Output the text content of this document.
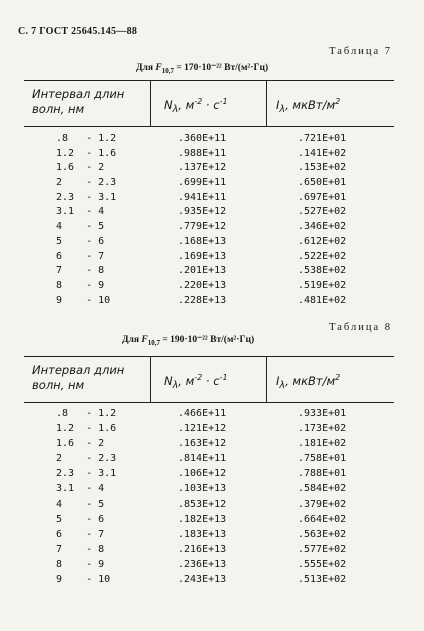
С. 7 ГОСТ 25645.145—88
Таблица 7
Для $F_{10,7} = 170\cdot 10^{-22}$ Вт/(м²·Гц)
Интервал длин волн, нм	$N_\lambda$, $м^{-2} \cdot с^{-1}$	$I_\lambda$, мкВт/$м^2$
.8   - 1.2	.360E+11	.721E+01
1.2  - 1.6	.988E+11	.141E+02
1.6  - 2	.137E+12	.153E+02
2    - 2.3	.699E+11	.650E+01
2.3  - 3.1	.941E+11	.697E+01
3.1  - 4	.935E+12	.527E+02
4    - 5	.779E+12	.346E+02
5    - 6	.168E+13	.612E+02
6    - 7	.169E+13	.522E+02
7    - 8	.201E+13	.538E+02
8    - 9	.220E+13	.519E+02
9    - 10	.228E+13	.481E+02
Таблица 8
Для $F_{10,7} = 190\cdot 10^{-22}$ Вт/(м²·Гц)
Интервал длин волн, нм	$N_\lambda$, $м^{-2} \cdot с^{-1}$	$I_\lambda$, мкВт/$м^2$
.8   - 1.2	.466E+11	.933E+01
1.2  - 1.6	.121E+12	.173E+02
1.6  - 2	.163E+12	.181E+02
2    - 2.3	.814E+11	.758E+01
2.3  - 3.1	.106E+12	.788E+01
3.1  - 4	.103E+13	.584E+02
4    - 5	.853E+12	.379E+02
5    - 6	.182E+13	.664E+02
6    - 7	.183E+13	.563E+02
7    - 8	.216E+13	.577E+02
8    - 9	.236E+13	.555E+02
9    - 10	.243E+13	.513E+02
